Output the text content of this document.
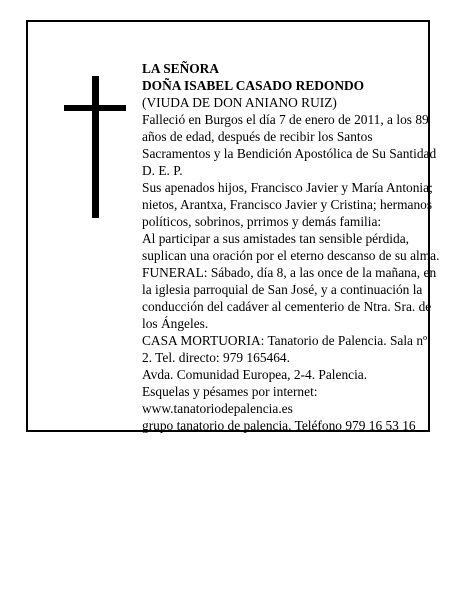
LA SEÑORA
DOÑA ISABEL CASADO REDONDO
(VIUDA DE DON ANIANO RUIZ)
Falleció en Burgos el día 7 de enero de 2011, a los 89
años de edad, después de recibir los Santos
Sacramentos y la Bendición Apostólica de Su Santidad
D. E. P.
Sus apenados hijos, Francisco Javier y María Antonia;
nietos, Arantxa, Francisco Javier y Cristina; hermanos
políticos, sobrinos, prrimos y demás familia:
Al participar a sus amistades tan sensible pérdida,
suplican una oración por el eterno descanso de su alma.
FUNERAL: Sábado, día 8, a las once de la mañana, en
la iglesia parroquial de San José, y a continuación la
conducción del cadáver al cementerio de Ntra. Sra. de
los Ángeles.
CASA MORTUORIA: Tanatorio de Palencia. Sala nº
2. Tel. directo: 979 165464.
Avda. Comunidad Europea, 2-4. Palencia.
Esquelas y pésames por internet:
www.tanatoriodepalencia.es
grupo tanatorio de palencia. Teléfono 979 16 53 16
